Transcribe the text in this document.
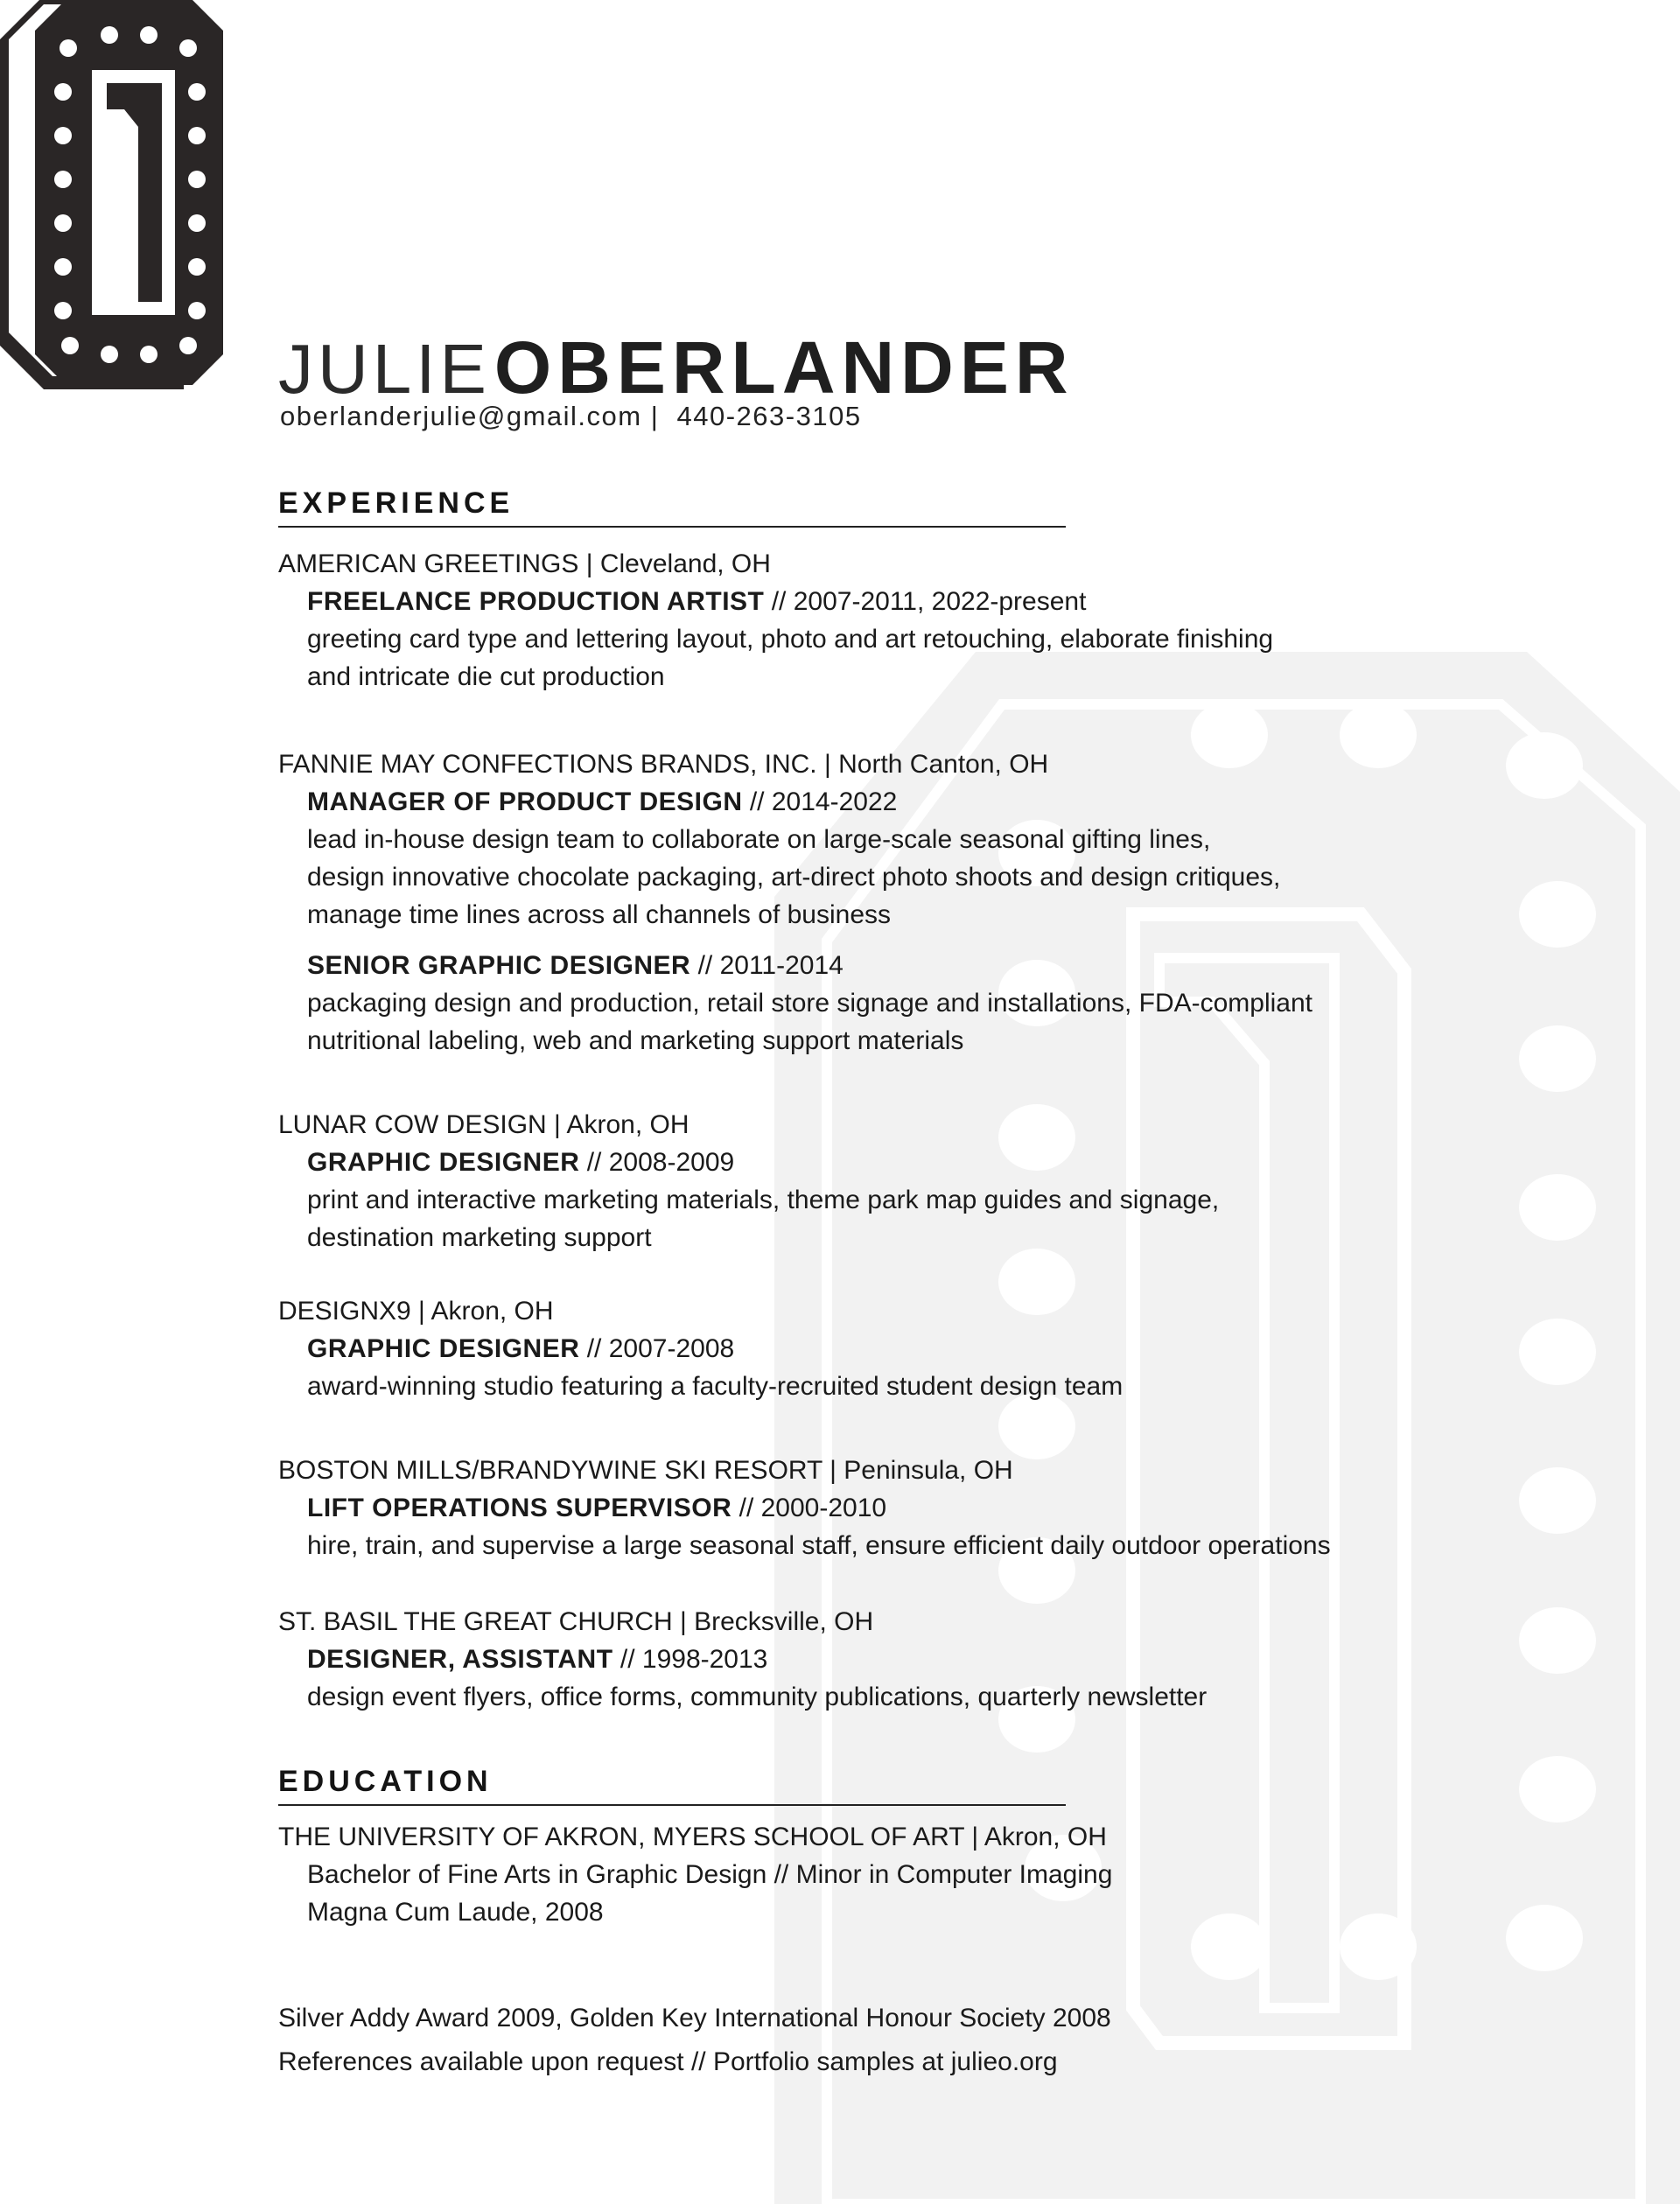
JULIEOBERLANDER
oberlanderjulie@gmail.com |  440-263-3105
EXPERIENCE
AMERICAN GREETINGS | Cleveland, OH
FREELANCE PRODUCTION ARTIST // 2007-2011, 2022-present
greeting card type and lettering layout, photo and art retouching, elaborate finishing
and intricate die cut production
FANNIE MAY CONFECTIONS BRANDS, INC. | North Canton, OH
MANAGER OF PRODUCT DESIGN // 2014-2022
lead in-house design team to collaborate on large-scale seasonal gifting lines,
design innovative chocolate packaging, art-direct photo shoots and design critiques,
manage time lines across all channels of business
SENIOR GRAPHIC DESIGNER // 2011-2014
packaging design and production, retail store signage and installations, FDA-compliant
nutritional labeling, web and marketing support materials
LUNAR COW DESIGN | Akron, OH
GRAPHIC DESIGNER // 2008-2009
print and interactive marketing materials, theme park map guides and signage,
destination marketing support
DESIGNX9 | Akron, OH
GRAPHIC DESIGNER // 2007-2008
award-winning studio featuring a faculty-recruited student design team
BOSTON MILLS/BRANDYWINE SKI RESORT | Peninsula, OH
LIFT OPERATIONS SUPERVISOR // 2000-2010
hire, train, and supervise a large seasonal staff, ensure efficient daily outdoor operations
ST. BASIL THE GREAT CHURCH | Brecksville, OH
DESIGNER, ASSISTANT // 1998-2013
design event flyers, office forms, community publications, quarterly newsletter
EDUCATION
THE UNIVERSITY OF AKRON, MYERS SCHOOL OF ART | Akron, OH
Bachelor of Fine Arts in Graphic Design // Minor in Computer Imaging
Magna Cum Laude, 2008
Silver Addy Award 2009, Golden Key International Honour Society 2008
References available upon request // Portfolio samples at julieo.org
